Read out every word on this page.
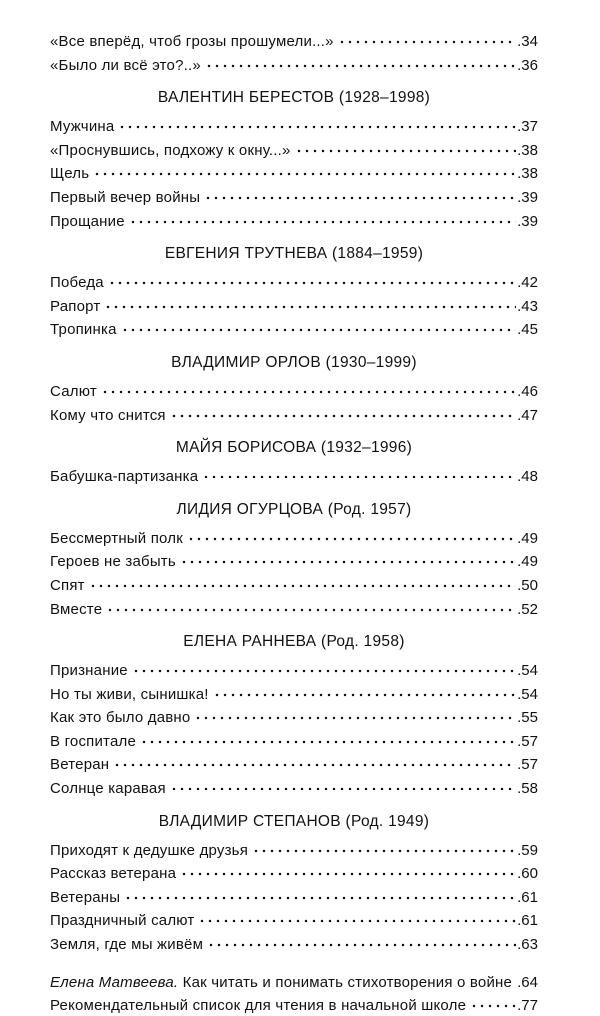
«Все вперёд, чтоб грозы прошумели...»	.34
«Было ли всё это?..»	.36
ВАЛЕНТИН БЕРЕСТОВ (1928–1998)
Мужчина	.37
«Проснувшись, подхожу к окну...»	.38
Щель	.38
Первый вечер войны	.39
Прощание	.39
ЕВГЕНИЯ ТРУТНЕВА (1884–1959)
Победа	.42
Рапорт	.43
Тропинка	.45
ВЛАДИМИР ОРЛОВ (1930–1999)
Салют	.46
Кому что снится	.47
МАЙЯ БОРИСОВА (1932–1996)
Бабушка-партизанка	.48
ЛИДИЯ ОГУРЦОВА (Род. 1957)
Бессмертный полк	.49
Героев не забыть	.49
Спят	.50
Вместе	.52
ЕЛЕНА РАННЕВА (Род. 1958)
Признание	.54
Но ты живи, сынишка!	.54
Как это было давно	.55
В госпитале	.57
Ветеран	.57
Солнце каравая	.58
ВЛАДИМИР СТЕПАНОВ (Род. 1949)
Приходят к дедушке друзья	.59
Рассказ ветерана	.60
Ветераны	.61
Праздничный салют	.61
Земля, где мы живём	.63
Елена Матвеева. Как читать и понимать стихотворения о войне .64
Рекомендательный список для чтения в начальной школе	.77
